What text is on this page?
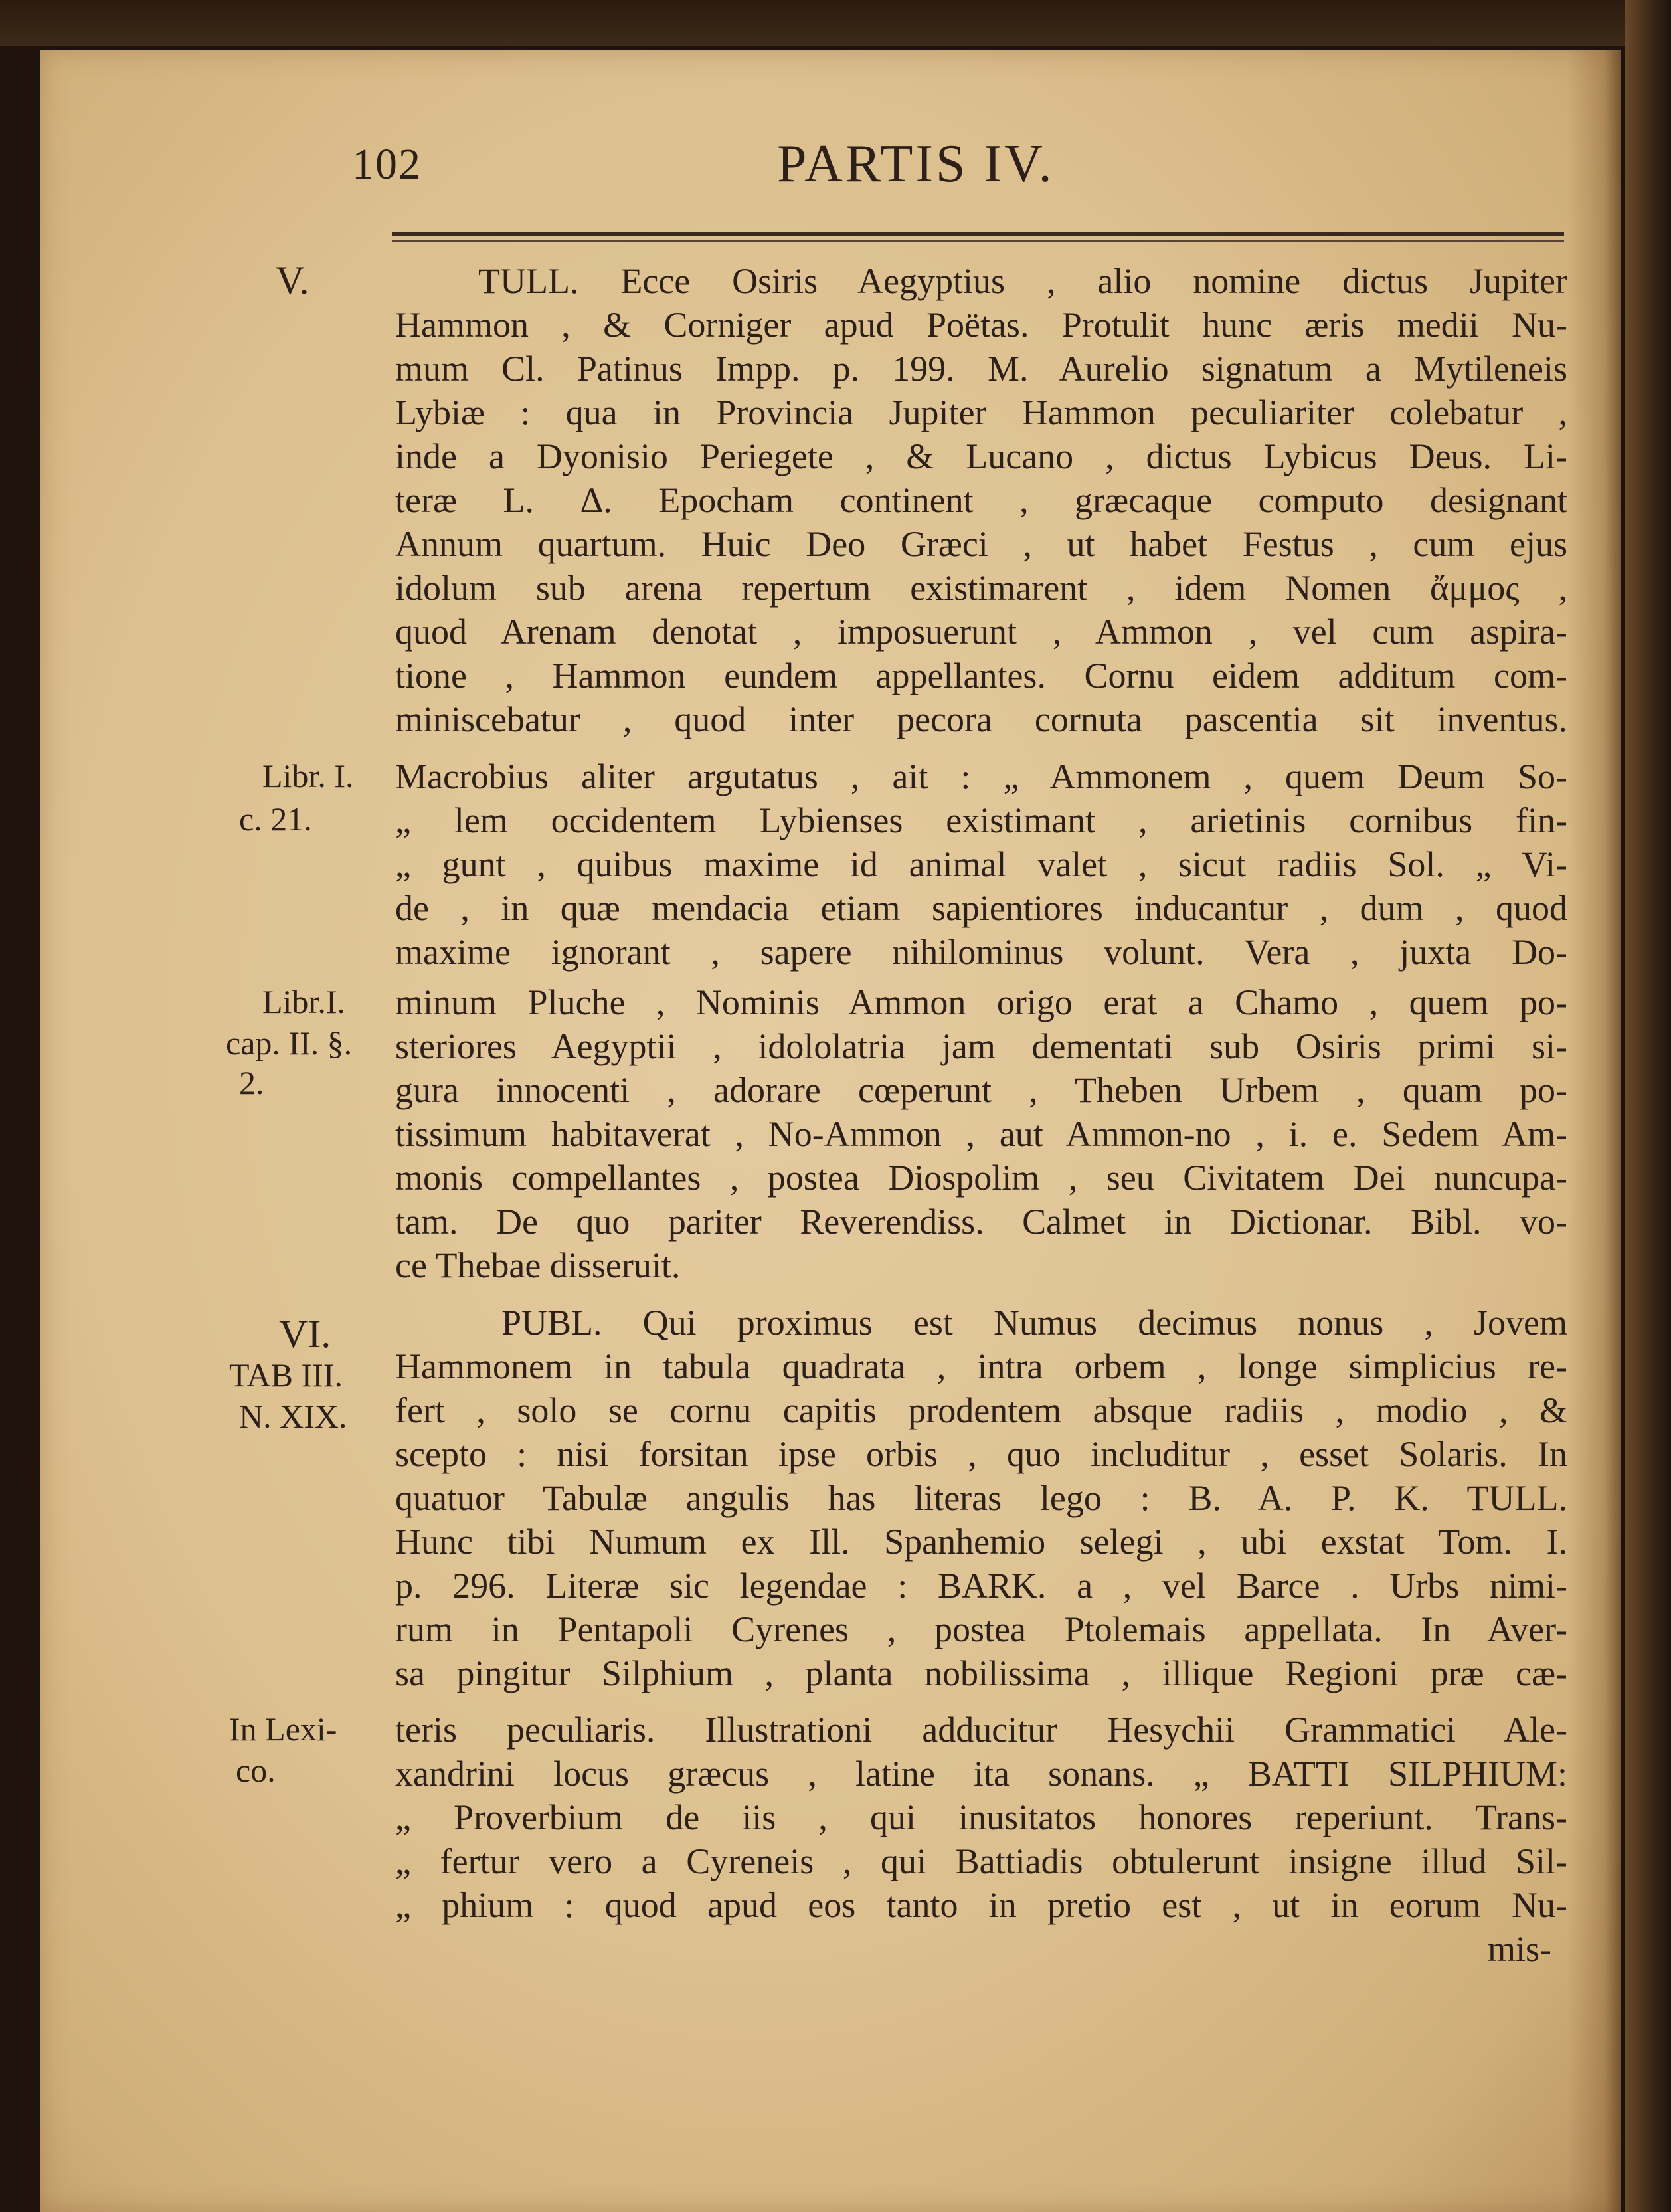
102	PARTIS IV.
V.
Libr. I.
c. 21.
Libr.I.
cap. II. §.
2.
VI.
TAB III.
N. XIX.
In Lexi-
co.
TULL. Ecce Osiris Aegyptius , alio nomine dictus Jupiter
Hammon , & Corniger apud Poëtas. Protulit hunc æris medii Nu-
mum Cl. Patinus Impp. p. 199. M. Aurelio signatum a Mytileneis
Lybiæ : qua in Provincia Jupiter Hammon peculiariter colebatur ,
inde a Dyonisio Periegete , & Lucano , dictus Lybicus Deus. Li-
teræ L. Δ. Epocham continent , græcaque computo designant
Annum quartum. Huic Deo Græci , ut habet Festus , cum ejus
idolum sub arena repertum existimarent , idem Nomen ἄμμος ,
quod Arenam denotat , imposuerunt , Ammon , vel cum aspira-
tione , Hammon eundem appellantes. Cornu eidem additum com-
miniscebatur , quod inter pecora cornuta pascentia sit inventus.
Macrobius aliter argutatus , ait : „ Ammonem , quem Deum So-
„ lem occidentem Lybienses existimant , arietinis cornibus fin-
„ gunt , quibus maxime id animal valet , sicut radiis Sol. „ Vi-
de , in quæ mendacia etiam sapientiores inducantur , dum , quod
maxime ignorant , sapere nihilominus volunt. Vera , juxta Do-
minum Pluche , Nominis Ammon origo erat a Chamo , quem po-
steriores Aegyptii , idololatria jam dementati sub Osiris primi si-
gura innocenti , adorare cœperunt , Theben Urbem , quam po-
tissimum habitaverat , No-Ammon , aut Ammon-no , i. e. Sedem Am-
monis compellantes , postea Diospolim , seu Civitatem Dei nuncupa-
tam. De quo pariter Reverendiss. Calmet in Dictionar. Bibl. vo-
ce Thebae disseruit.
PUBL. Qui proximus est Numus decimus nonus , Jovem
Hammonem in tabula quadrata , intra orbem , longe simplicius re-
fert , solo se cornu capitis prodentem absque radiis , modio , &
scepto : nisi forsitan ipse orbis , quo includitur , esset Solaris. In
quatuor Tabulæ angulis has literas lego : B. A. P. K. TULL.
Hunc tibi Numum ex Ill. Spanhemio selegi , ubi exstat Tom. I.
p. 296. Literæ sic legendae : BARK. a , vel Barce . Urbs nimi-
rum in Pentapoli Cyrenes , postea Ptolemais appellata. In Aver-
sa pingitur Silphium , planta nobilissima , illique Regioni præ cæ-
teris peculiaris. Illustrationi adducitur Hesychii Grammatici Ale-
xandrini locus græcus , latine ita sonans. „ BATTI SILPHIUM:
„ Proverbium de iis , qui inusitatos honores reperiunt. Trans-
„ fertur vero a Cyreneis , qui Battiadis obtulerunt insigne illud Sil-
„ phium : quod apud eos tanto in pretio est , ut in eorum Nu-
mis-
